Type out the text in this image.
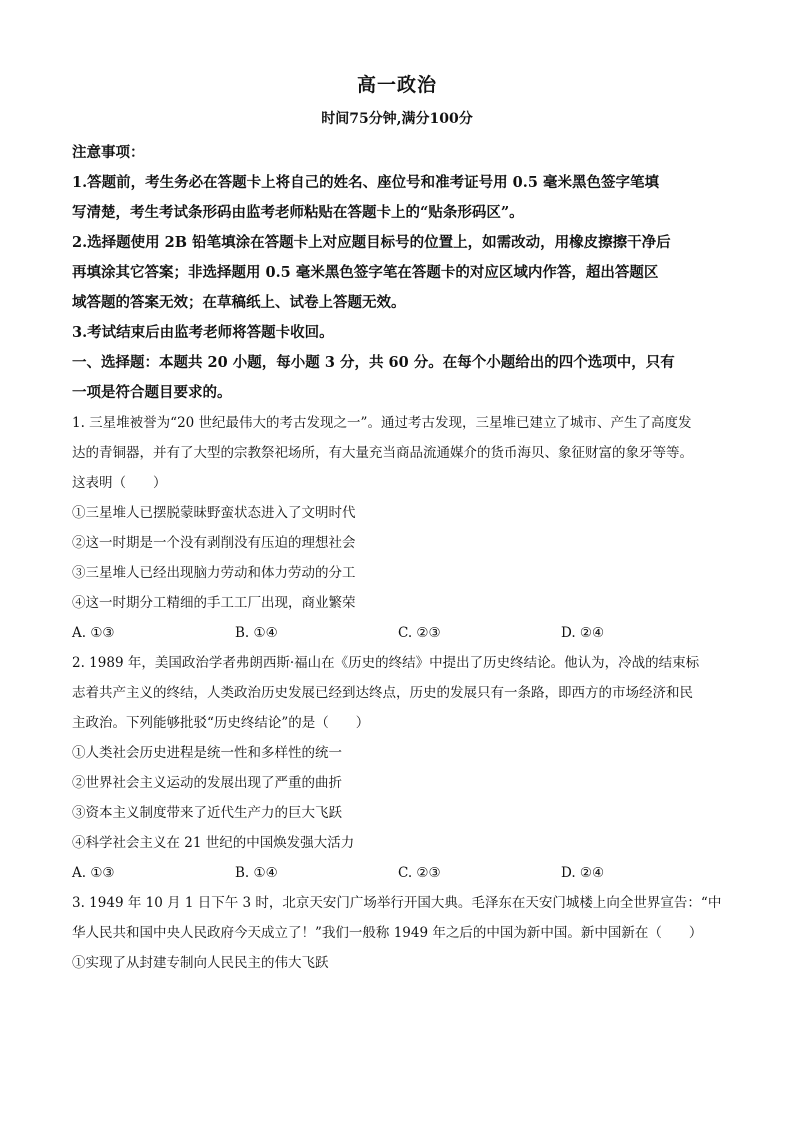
高一政治
时间75分钟,满分100分
注意事项：
1.答题前，考生务必在答题卡上将自己的姓名、座位号和准考证号用 0.5 毫米黑色签字笔填
写清楚，考生考试条形码由监考老师粘贴在答题卡上的“贴条形码区”。
2.选择题使用 2B 铅笔填涂在答题卡上对应题目标号的位置上，如需改动，用橡皮擦擦干净后
再填涂其它答案；非选择题用 0.5 毫米黑色签字笔在答题卡的对应区域内作答，超出答题区
域答题的答案无效；在草稿纸上、试卷上答题无效。
3.考试结束后由监考老师将答题卡收回。
一、选择题：本题共 20 小题，每小题 3 分，共 60 分。在每个小题给出的四个选项中，只有
一项是符合题目要求的。
1. 三星堆被誉为“20 世纪最伟大的考古发现之一”。通过考古发现，三星堆已建立了城市、产生了高度发
达的青铜器，并有了大型的宗教祭祀场所，有大量充当商品流通媒介的货币海贝、象征财富的象牙等等。
这表明（　　）
①三星堆人已摆脱蒙昧野蛮状态进入了文明时代
②这一时期是一个没有剥削没有压迫的理想社会
③三星堆人已经出现脑力劳动和体力劳动的分工
④这一时期分工精细的手工工厂出现，商业繁荣
A. ①③	B. ①④	C. ②③	D. ②④
2. 1989 年，美国政治学者弗朗西斯·福山在《历史的终结》中提出了历史终结论。他认为，冷战的结束标
志着共产主义的终结，人类政治历史发展已经到达终点，历史的发展只有一条路，即西方的市场经济和民
主政治。下列能够批驳“历史终结论”的是（　　）
①人类社会历史进程是统一性和多样性的统一
②世界社会主义运动的发展出现了严重的曲折
③资本主义制度带来了近代生产力的巨大飞跃
④科学社会主义在 21 世纪的中国焕发强大活力
A. ①③	B. ①④	C. ②③	D. ②④
3. 1949 年 10 月 1 日下午 3 时，北京天安门广场举行开国大典。毛泽东在天安门城楼上向全世界宣告：“中
华人民共和国中央人民政府今天成立了！”我们一般称 1949 年之后的中国为新中国。新中国新在（　　）
①实现了从封建专制向人民民主的伟大飞跃
